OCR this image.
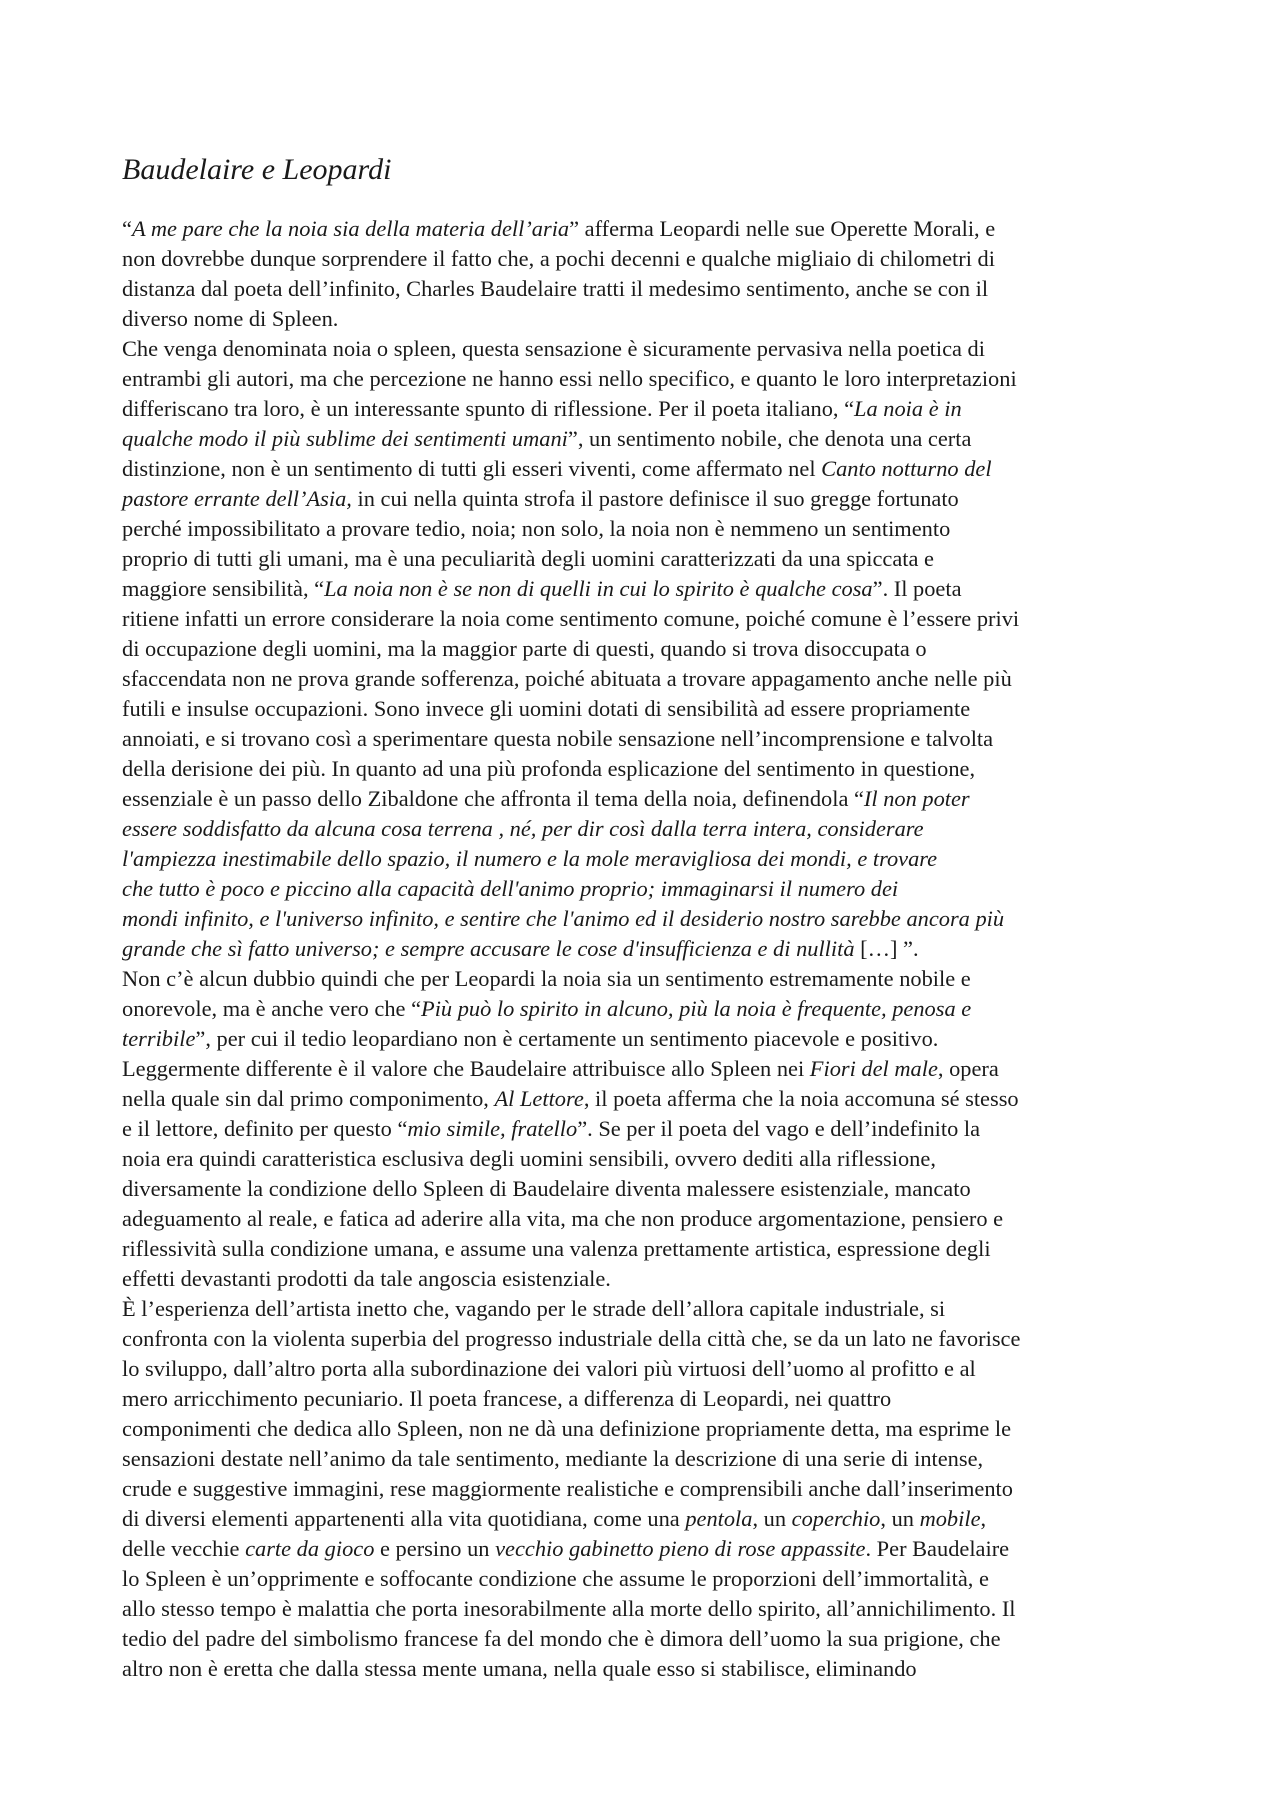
Baudelaire e Leopardi
“A me pare che la noia sia della materia dell’aria” afferma Leopardi nelle sue Operette Morali, e
non dovrebbe dunque sorprendere il fatto che, a pochi decenni e qualche migliaio di chilometri di
distanza dal poeta dell’infinito, Charles Baudelaire tratti il medesimo sentimento, anche se con il
diverso nome di Spleen.
Che venga denominata noia o spleen, questa sensazione è sicuramente pervasiva nella poetica di
entrambi gli autori, ma che percezione ne hanno essi nello specifico, e quanto le loro interpretazioni
differiscano tra loro, è un interessante spunto di riflessione. Per il poeta italiano, “La noia è in
qualche modo il più sublime dei sentimenti umani”, un sentimento nobile, che denota una certa
distinzione, non è un sentimento di tutti gli esseri viventi, come affermato nel Canto notturno del
pastore errante dell’Asia, in cui nella quinta strofa il pastore definisce il suo gregge fortunato
perché impossibilitato a provare tedio, noia; non solo, la noia non è nemmeno un sentimento
proprio di tutti gli umani, ma è una peculiarità degli uomini caratterizzati da una spiccata e
maggiore sensibilità, “La noia non è se non di quelli in cui lo spirito è qualche cosa”. Il poeta
ritiene infatti un errore considerare la noia come sentimento comune, poiché comune è l’essere privi
di occupazione degli uomini, ma la maggior parte di questi, quando si trova disoccupata o
sfaccendata non ne prova grande sofferenza, poiché abituata a trovare appagamento anche nelle più
futili e insulse occupazioni. Sono invece gli uomini dotati di sensibilità ad essere propriamente
annoiati, e si trovano così a sperimentare questa nobile sensazione nell’incomprensione e talvolta
della derisione dei più. In quanto ad una più profonda esplicazione del sentimento in questione,
essenziale è un passo dello Zibaldone che affronta il tema della noia, definendola “Il non poter
essere soddisfatto da alcuna cosa terrena , né, per dir così dalla terra intera, considerare
l'ampiezza inestimabile dello spazio, il numero e la mole meravigliosa dei mondi, e trovare
che tutto è poco e piccino alla capacità dell'animo proprio; immaginarsi il numero dei
mondi infinito, e l'universo infinito, e sentire che l'animo ed il desiderio nostro sarebbe ancora più
grande che sì fatto universo; e sempre accusare le cose d'insufficienza e di nullità […] ”.
Non c’è alcun dubbio quindi che per Leopardi la noia sia un sentimento estremamente nobile e
onorevole, ma è anche vero che “Più può lo spirito in alcuno, più la noia è frequente, penosa e
terribile”, per cui il tedio leopardiano non è certamente un sentimento piacevole e positivo.
Leggermente differente è il valore che Baudelaire attribuisce allo Spleen nei Fiori del male, opera
nella quale sin dal primo componimento, Al Lettore, il poeta afferma che la noia accomuna sé stesso
e il lettore, definito per questo “mio simile, fratello”. Se per il poeta del vago e dell’indefinito la
noia era quindi caratteristica esclusiva degli uomini sensibili, ovvero dediti alla riflessione,
diversamente la condizione dello Spleen di Baudelaire diventa malessere esistenziale, mancato
adeguamento al reale, e fatica ad aderire alla vita, ma che non produce argomentazione, pensiero e
riflessività sulla condizione umana, e assume una valenza prettamente artistica, espressione degli
effetti devastanti prodotti da tale angoscia esistenziale.
È l’esperienza dell’artista inetto che, vagando per le strade dell’allora capitale industriale, si
confronta con la violenta superbia del progresso industriale della città che, se da un lato ne favorisce
lo sviluppo, dall’altro porta alla subordinazione dei valori più virtuosi dell’uomo al profitto e al
mero arricchimento pecuniario. Il poeta francese, a differenza di Leopardi, nei quattro
componimenti che dedica allo Spleen, non ne dà una definizione propriamente detta, ma esprime le
sensazioni destate nell’animo da tale sentimento, mediante la descrizione di una serie di intense,
crude e suggestive immagini, rese maggiormente realistiche e comprensibili anche dall’inserimento
di diversi elementi appartenenti alla vita quotidiana, come una pentola, un coperchio, un mobile,
delle vecchie carte da gioco e persino un vecchio gabinetto pieno di rose appassite. Per Baudelaire
lo Spleen è un’opprimente e soffocante condizione che assume le proporzioni dell’immortalità, e
allo stesso tempo è malattia che porta inesorabilmente alla morte dello spirito, all’annichilimento. Il
tedio del padre del simbolismo francese fa del mondo che è dimora dell’uomo la sua prigione, che
altro non è eretta che dalla stessa mente umana, nella quale esso si stabilisce, eliminando
